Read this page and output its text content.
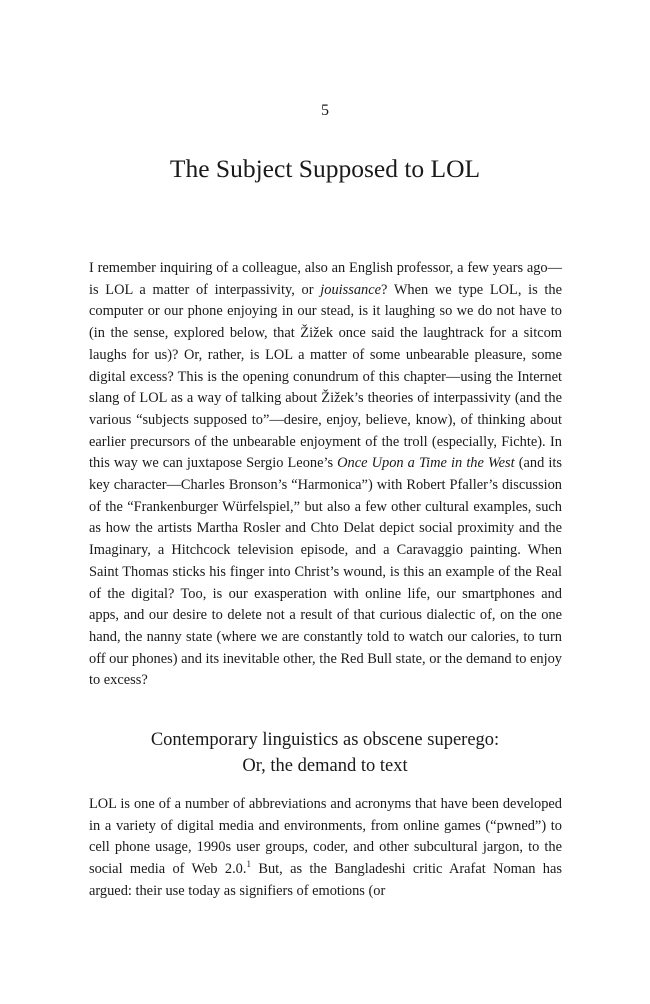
5
The Subject Supposed to LOL

I remember inquiring of a colleague, also an English professor, a few years ago—is LOL a matter of interpassivity, or jouissance? When we type LOL, is the computer or our phone enjoying in our stead, is it laughing so we do not have to (in the sense, explored below, that Žižek once said the laughtrack for a sitcom laughs for us)? Or, rather, is LOL a matter of some unbearable pleasure, some digital excess? This is the opening conundrum of this chapter—using the Internet slang of LOL as a way of talking about Žižek’s theories of interpassivity (and the various “subjects supposed to”—desire, enjoy, believe, know), of thinking about earlier precursors of the unbearable enjoyment of the troll (especially, Fichte). In this way we can juxtapose Sergio Leone’s Once Upon a Time in the West (and its key character—Charles Bronson’s “Harmonica”) with Robert Pfaller’s discussion of the “Frankenburger Würfelspiel,” but also a few other cultural examples, such as how the artists Martha Rosler and Chto Delat depict social proximity and the Imaginary, a Hitchcock television episode, and a Caravaggio painting. When Saint Thomas sticks his finger into Christ’s wound, is this an example of the Real of the digital? Too, is our exasperation with online life, our smartphones and apps, and our desire to delete not a result of that curious dialectic of, on the one hand, the nanny state (where we are constantly told to watch our calories, to turn off our phones) and its inevitable other, the Red Bull state, or the demand to enjoy to excess?

Contemporary linguistics as obscene superego:
Or, the demand to text

LOL is one of a number of abbreviations and acronyms that have been developed in a variety of digital media and environments, from online games (“pwned”) to cell phone usage, 1990s user groups, coder, and other subcultural jargon, to the social media of Web 2.0.$^1$ But, as the Bangladeshi critic Arafat Noman has argued: their use today as signifiers of emotions (or
